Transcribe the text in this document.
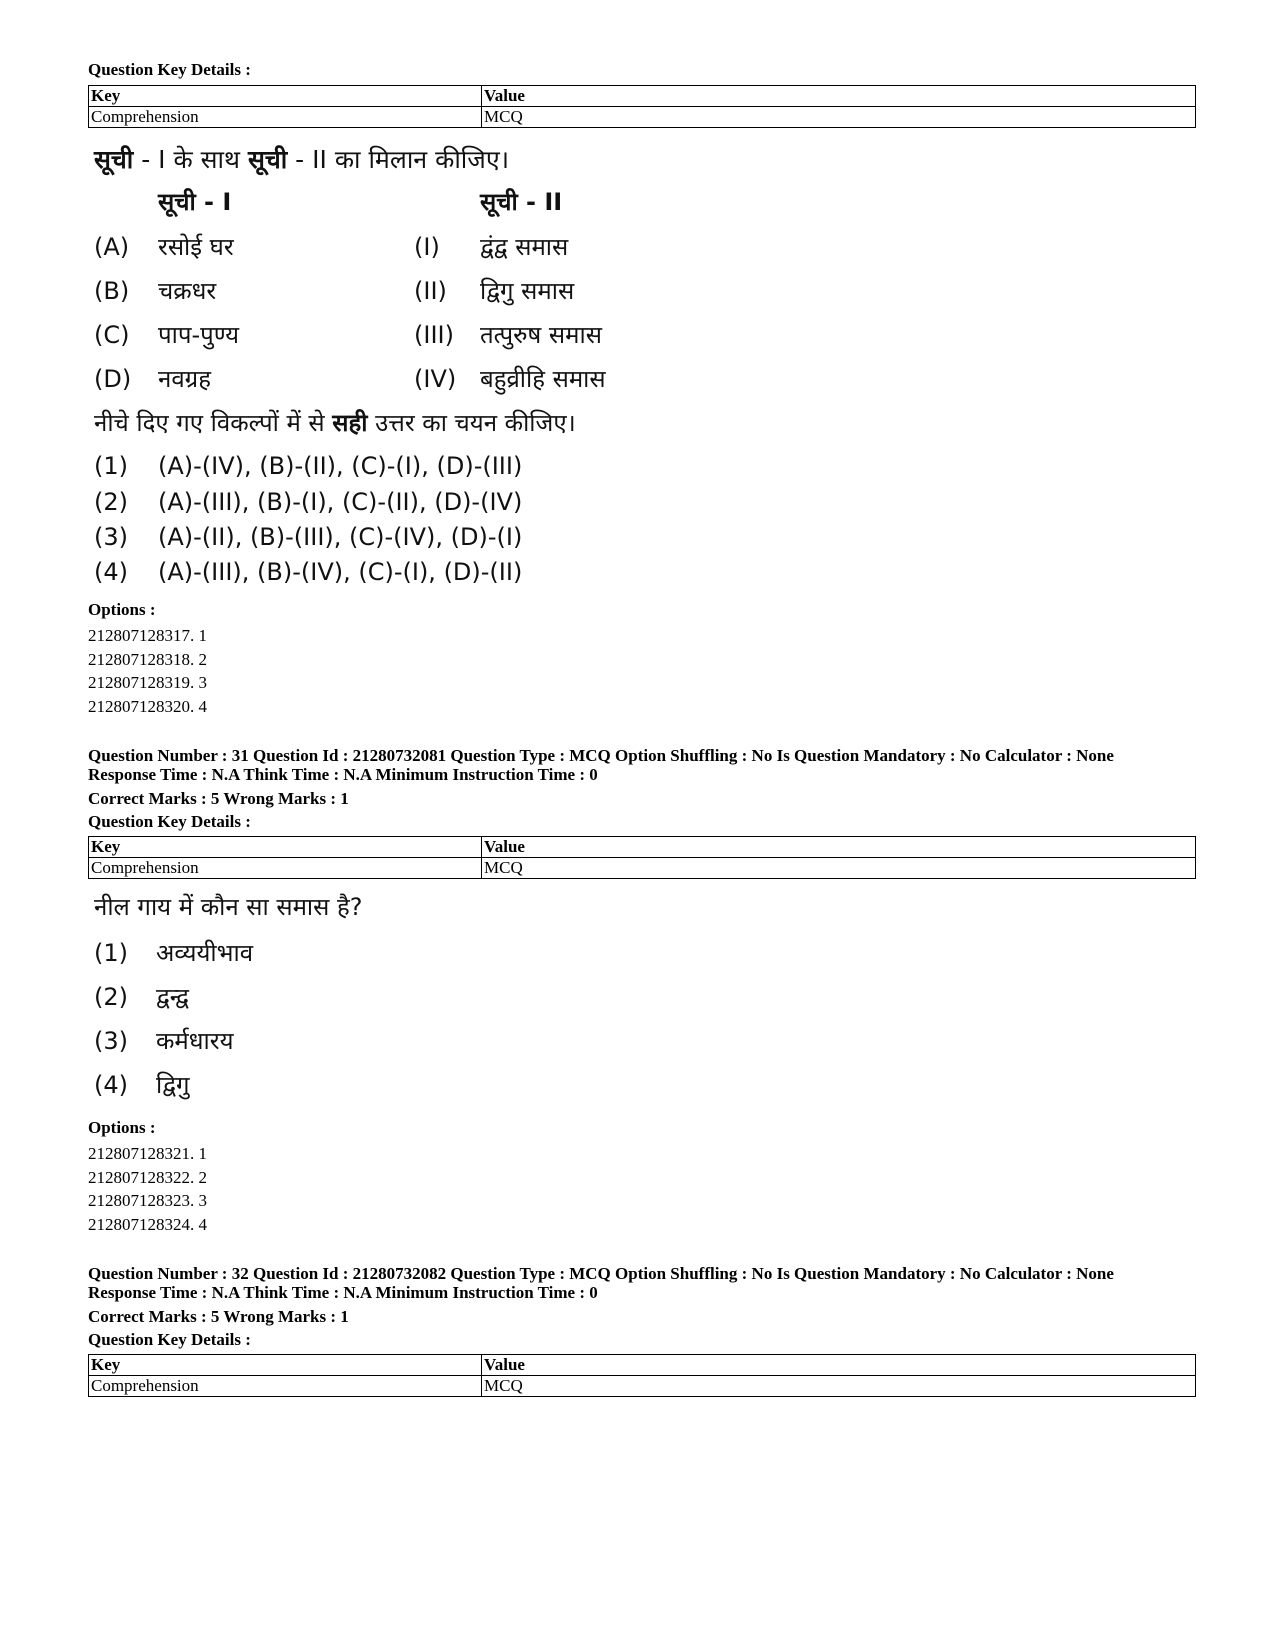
Question Key Details :
Key	Value
Comprehension	MCQ
सूची - I के साथ सूची - II का मिलान कीजिए।
सूची - I	सूची - II
(A) रसोई घर	(I) द्वंद्व समास
(B) चक्रधर	(II) द्विगु समास
(C) पाप-पुण्य	(III) तत्पुरुष समास
(D) नवग्रह	(IV) बहुव्रीहि समास
नीचे दिए गए विकल्पों में से सही उत्तर का चयन कीजिए।
(1) (A)-(IV), (B)-(II), (C)-(I), (D)-(III)
(2) (A)-(III), (B)-(I), (C)-(II), (D)-(IV)
(3) (A)-(II), (B)-(III), (C)-(IV), (D)-(I)
(4) (A)-(III), (B)-(IV), (C)-(I), (D)-(II)
Options :
212807128317. 1
212807128318. 2
212807128319. 3
212807128320. 4
Question Number : 31 Question Id : 21280732081 Question Type : MCQ Option Shuffling : No Is Question Mandatory : No Calculator : None
Response Time : N.A Think Time : N.A Minimum Instruction Time : 0
Correct Marks : 5 Wrong Marks : 1
Question Key Details :
Key	Value
Comprehension	MCQ
नील गाय में कौन सा समास है?
(1) अव्ययीभाव
(2) द्वन्द्व
(3) कर्मधारय
(4) द्विगु
Options :
212807128321. 1
212807128322. 2
212807128323. 3
212807128324. 4
Question Number : 32 Question Id : 21280732082 Question Type : MCQ Option Shuffling : No Is Question Mandatory : No Calculator : None
Response Time : N.A Think Time : N.A Minimum Instruction Time : 0
Correct Marks : 5 Wrong Marks : 1
Question Key Details :
Key	Value
Comprehension	MCQ
